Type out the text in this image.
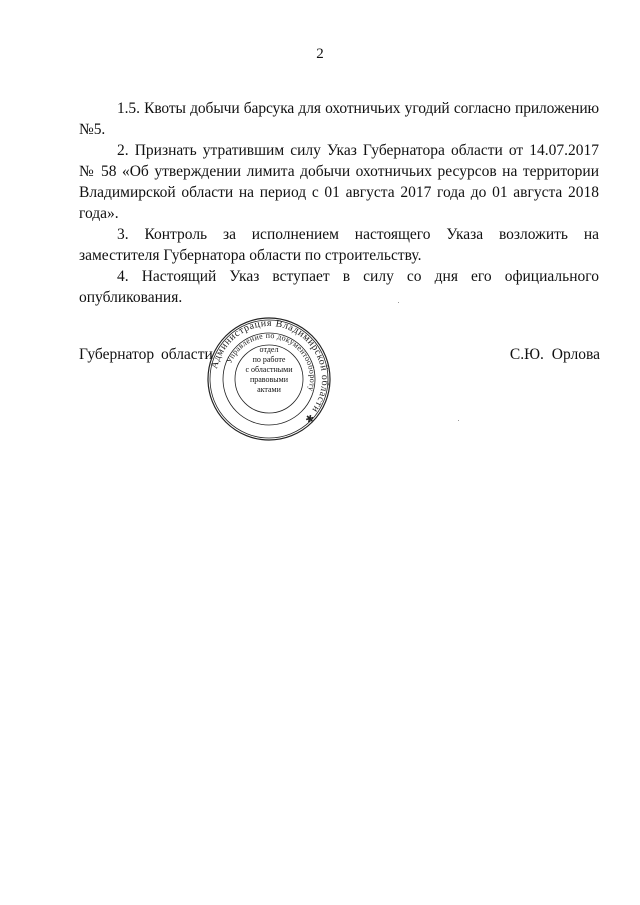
2

1.5. Квоты добычи барсука для охотничьих угодий согласно приложению №5.

2. Признать утратившим силу Указ Губернатора области от 14.07.2017 № 58 «Об утверждении лимита добычи охотничьих ресурсов на территории Владимирской области на период с 01 августа 2017 года до 01 августа 2018 года».

3. Контроль за исполнением настоящего Указа возложить на заместителя Губернатора области по строительству.

4. Настоящий Указ вступает в силу со дня его официального опубликования.

Губернатор области
Администрация Владимирской области ✱
Управление по документообороту
отдел
по работе
с областными
правовыми
актами
С.Ю. Орлова
